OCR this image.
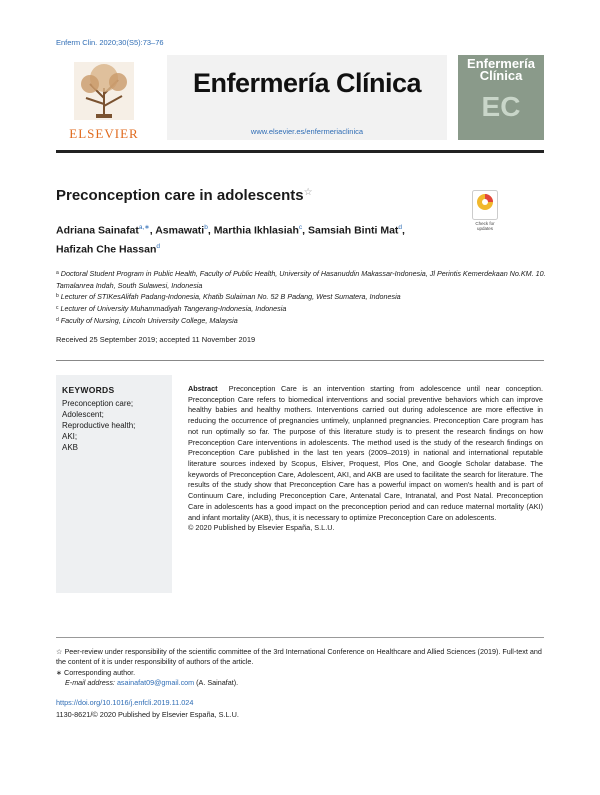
Enferm Clin. 2020;30(S5):73–76
ELSEVIER
Enfermería Clínica
www.elsevier.es/enfermeriaclinica
Enfermería
Clínica
EC
Preconception care in adolescents☆
Check for updates
Adriana Sainafat$^{a,∗}$, Asmawati$^b$, Marthia Ikhlasiah$^c$, Samsiah Binti Mat$^d$,
Hafizah Che Hassan$^d$
$^a$ Doctoral Student Program in Public Health, Faculty of Public Health, University of Hasanuddin Makassar-Indonesia, Jl Perintis Kemerdekaan No.KM. 10. Tamalanrea Indah, South Sulawesi, Indonesia
$^b$ Lecturer of STIKesAlifah Padang-Indonesia, Khatib Sulaiman No. 52 B Padang, West Sumatera, Indonesia
$^c$ Lecturer of University Muhammadiyah Tangerang-Indonesia, Indonesia
$^d$ Faculty of Nursing, Lincoln University College, Malaysia
Received 25 September 2019; accepted 11 November 2019
KEYWORDS
Preconception care;
Adolescent;
Reproductive health;
AKI;
AKB
Abstract Preconception Care is an intervention starting from adolescence until near conception. Preconception Care refers to biomedical interventions and social preventive behaviors which can improve healthy babies and healthy mothers. Interventions carried out during adolescence are more effective in reducing the occurrence of pregnancies untimely, unplanned pregnancies. Preconception Care program has not run optimally so far. The purpose of this literature study is to present the research findings on how Preconception Care interventions in adolescents. The method used is the study of the research findings on Preconception Care published in the last ten years (2009–2019) in national and international reputable literature sources indexed by Scopus, Elsiver, Proquest, Plos One, and Google Scholar database. The keywords of Preconception Care, Adolescent, AKI, and AKB are used to facilitate the search for literature. The results of the study show that Preconception Care has a powerful impact on women's health and is part of Continuum Care, including Preconception Care, Antenatal Care, Intranatal, and Post Natal. Preconception Care in adolescents has a good impact on the preconception period and can reduce maternal mortality (AKI) and infant mortality (AKB), thus, it is necessary to optimize Preconception Care on adolescents.
© 2020 Published by Elsevier España, S.L.U.
☆ Peer-review under responsibility of the scientific committee of the 3rd International Conference on Healthcare and Allied Sciences (2019). Full-text and the content of it is under responsibility of authors of the article.
∗ Corresponding author.
E-mail address: asainafat09@gmail.com (A. Sainafat).
https://doi.org/10.1016/j.enfcli.2019.11.024
1130-8621/© 2020 Published by Elsevier España, S.L.U.
